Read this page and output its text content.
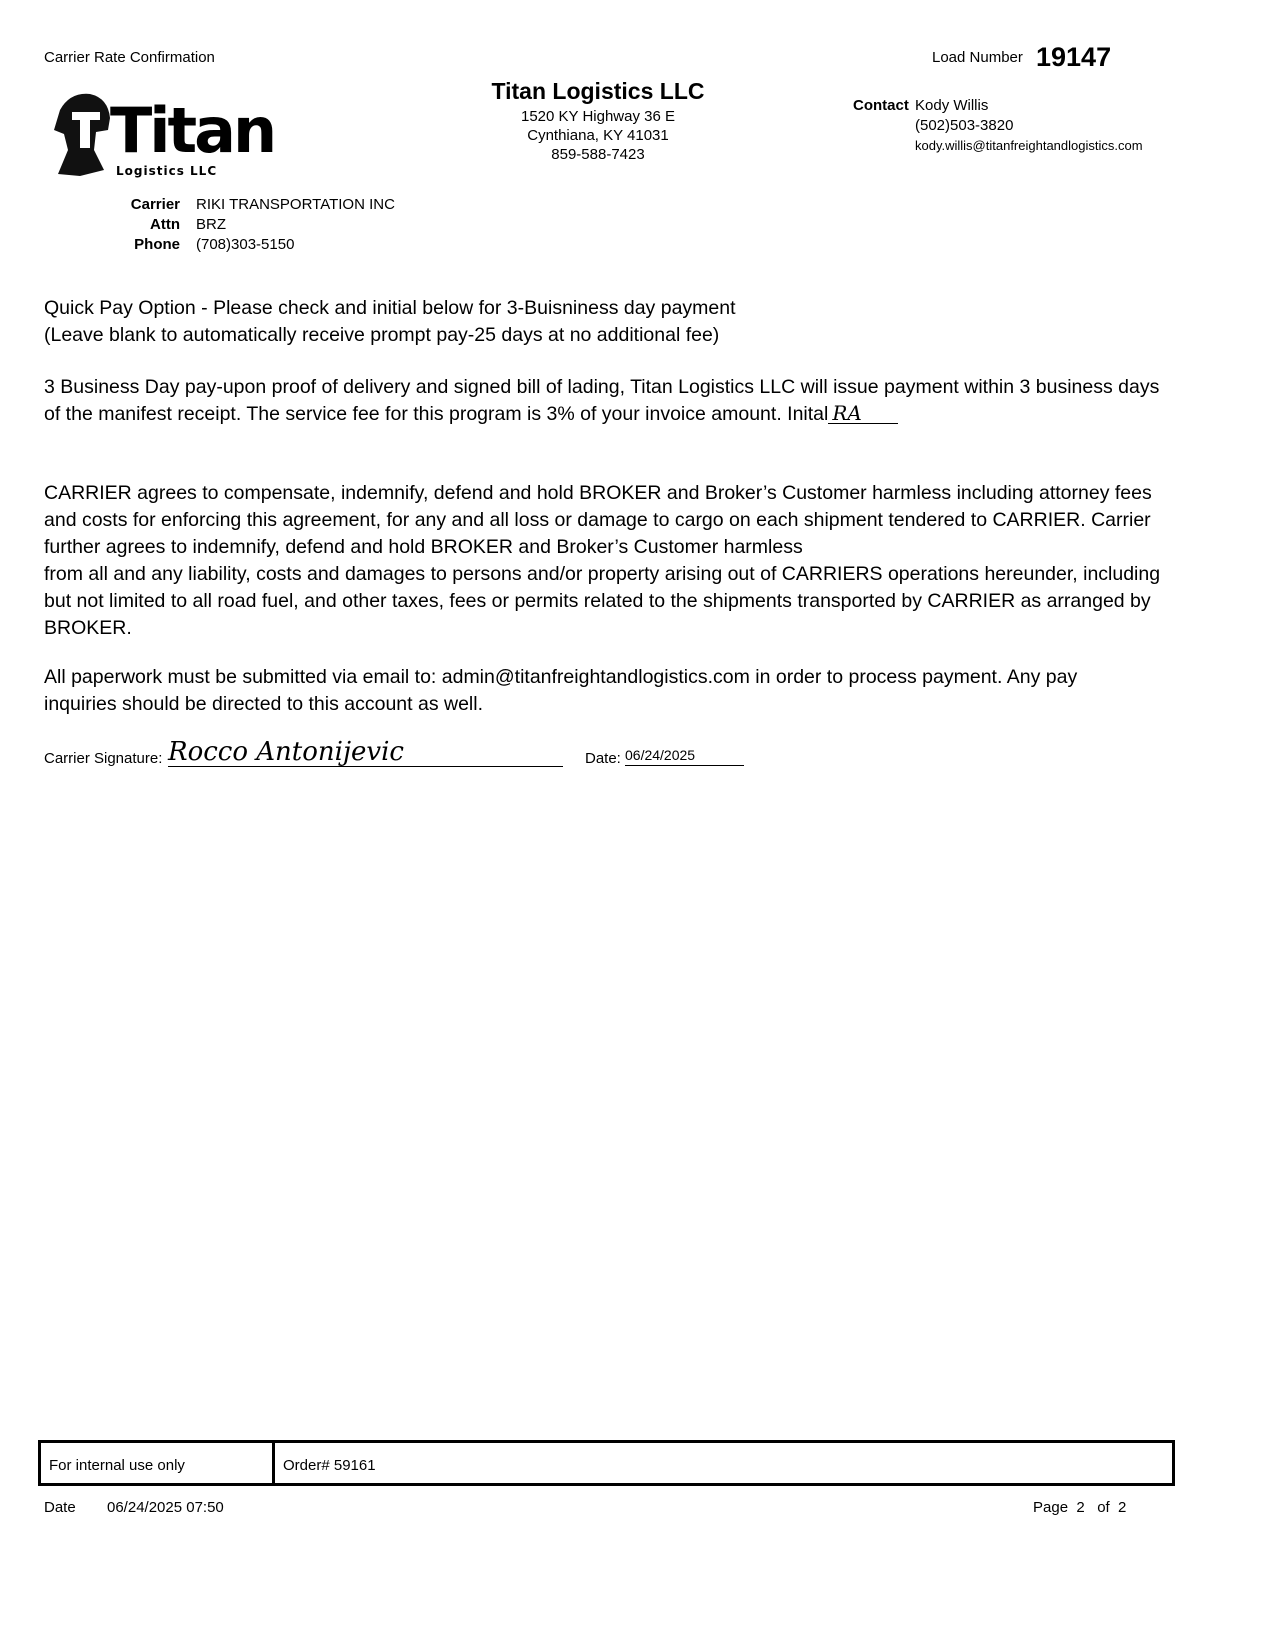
Carrier Rate Confirmation	Load Number 19147
Titan
Logistics LLC
Titan Logistics LLC
1520 KY Highway 36 E
Cynthiana, KY 41031
859-588-7423
Contact Kody Willis
(502)503-3820
kody.willis@titanfreightandlogistics.com
Carrier RIKI TRANSPORTATION INC
Attn BRZ
Phone (708)303-5150
Quick Pay Option - Please check and initial below for 3-Buisniness day payment
(Leave blank to automatically receive prompt pay-25 days at no additional fee)
3 Business Day pay-upon proof of delivery and signed bill of lading, Titan Logistics LLC will issue payment within 3 business days
of the manifest receipt. The service fee for this program is 3% of your invoice amount. Inital RA
CARRIER agrees to compensate, indemnify, defend and hold BROKER and Broker’s Customer harmless including attorney fees
and costs for enforcing this agreement, for any and all loss or damage to cargo on each shipment tendered to CARRIER. Carrier
further agrees to indemnify, defend and hold BROKER and Broker’s Customer harmless
from all and any liability, costs and damages to persons and/or property arising out of CARRIERS operations hereunder, including
but not limited to all road fuel, and other taxes, fees or permits related to the shipments transported by CARRIER as arranged by
BROKER.
All paperwork must be submitted via email to: admin@titanfreightandlogistics.com in order to process payment. Any pay
inquiries should be directed to this account as well.
Carrier Signature: Rocco Antonijevic	Date: 06/24/2025
For internal use only	Order# 59161
Date 06/24/2025 07:50	Page  2   of  2
